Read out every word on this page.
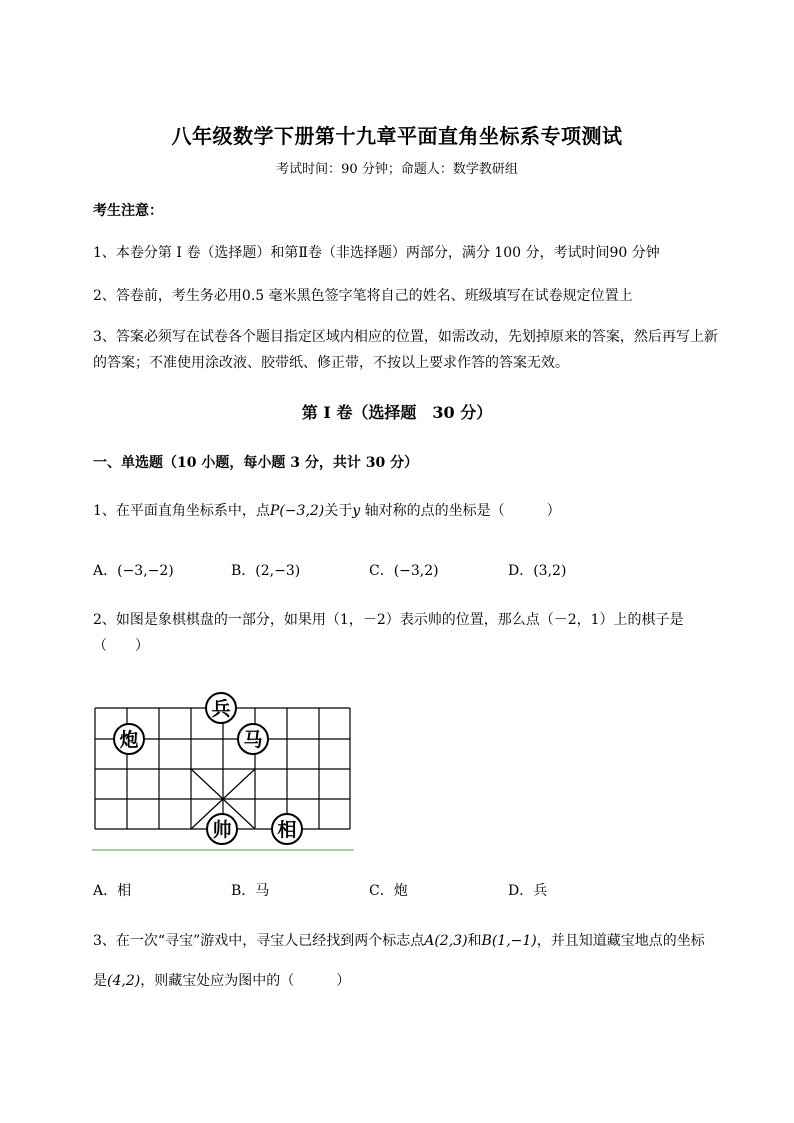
八年级数学下册第十九章平面直角坐标系专项测试
考试时间：90 分钟；命题人：数学教研组
考生注意：
1、本卷分第 I 卷（选择题）和第Ⅱ卷（非选择题）两部分，满分 100 分，考试时间90 分钟
2、答卷前，考生务必用0.5 毫米黑色签字笔将自己的姓名、班级填写在试卷规定位置上
3、答案必须写在试卷各个题目指定区域内相应的位置，如需改动，先划掉原来的答案，然后再写上新
的答案；不准使用涂改液、胶带纸、修正带，不按以上要求作答的答案无效。
第 I 卷（选择题　30 分）
一、单选题（10 小题，每小题 3 分，共计 30 分）
1、在平面直角坐标系中，点P(−3,2)关于y 轴对称的点的坐标是（　　　）
A．(−3,−2)	B．(2,−3)	C．(−3,2)	D．(3,2)
2、如图是象棋棋盘的一部分，如果用（1，－2）表示帅的位置，那么点（－2，1）上的棋子是
（　　）
兵
炮	马
帅 相
A．相	B．马	C．炮	D．兵
3、在一次“寻宝”游戏中，寻宝人已经找到两个标志点A(2,3)和B(1,−1)，并且知道藏宝地点的坐标
是(4,2)，则藏宝处应为图中的（　　　）
